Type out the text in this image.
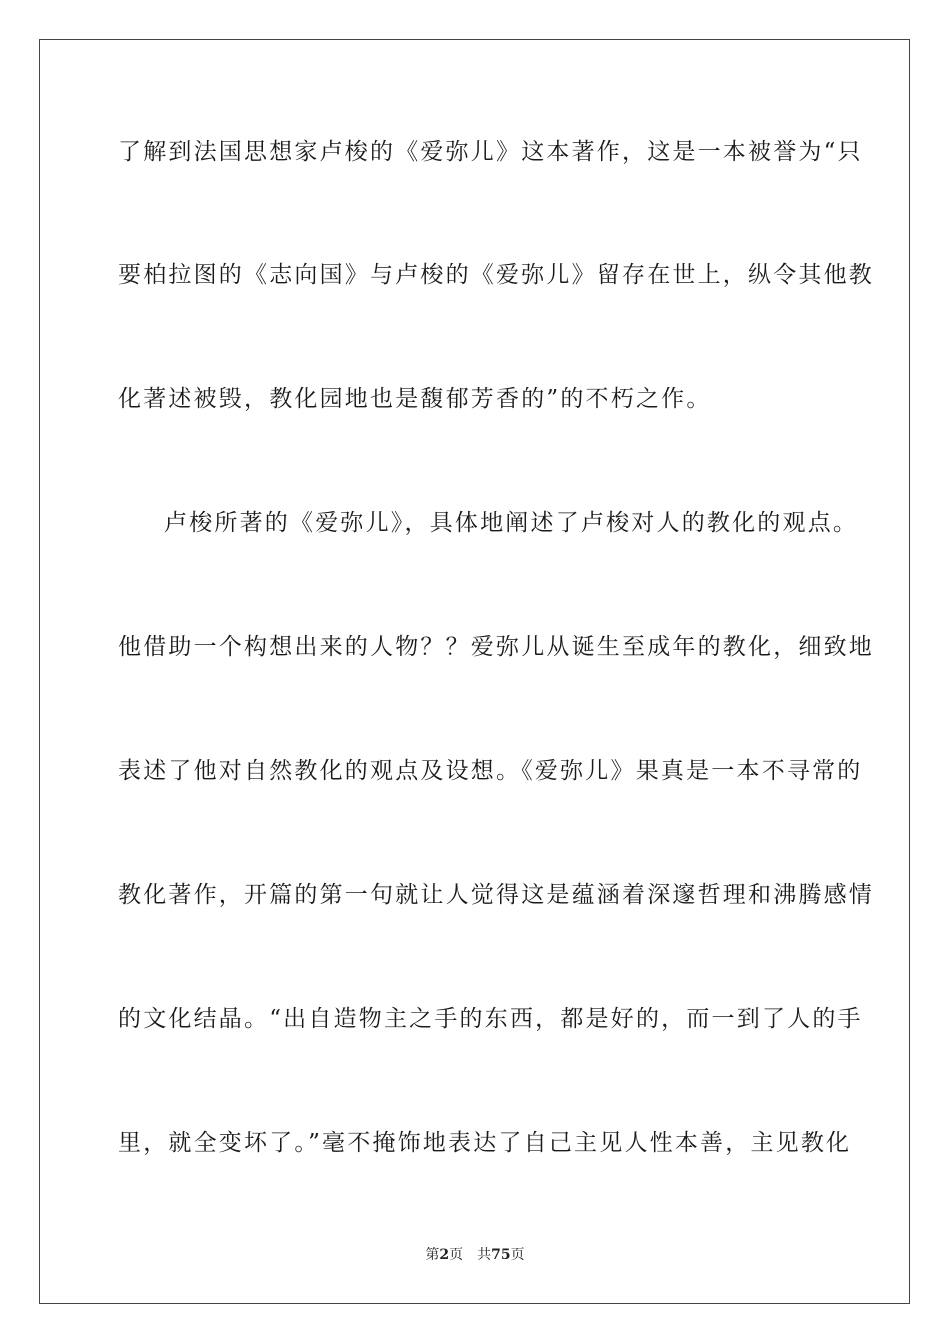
了解到法国思想家卢梭的《爱弥儿》这本著作，这是一本被誉为“只
要柏拉图的《志向国》与卢梭的《爱弥儿》留存在世上，纵令其他教
化著述被毁，教化园地也是馥郁芳香的”的不朽之作。
卢梭所著的《爱弥儿》，具体地阐述了卢梭对人的教化的观点。
他借助一个构想出来的人物？？爱弥儿从诞生至成年的教化，细致地
表述了他对自然教化的观点及设想。《爱弥儿》果真是一本不寻常的
教化著作，开篇的第一句就让人觉得这是蕴涵着深邃哲理和沸腾感情
的文化结晶。“出自造物主之手的东西，都是好的，而一到了人的手
里，就全变坏了。”毫不掩饰地表达了自己主见人性本善，主见教化
第2页 共75页
